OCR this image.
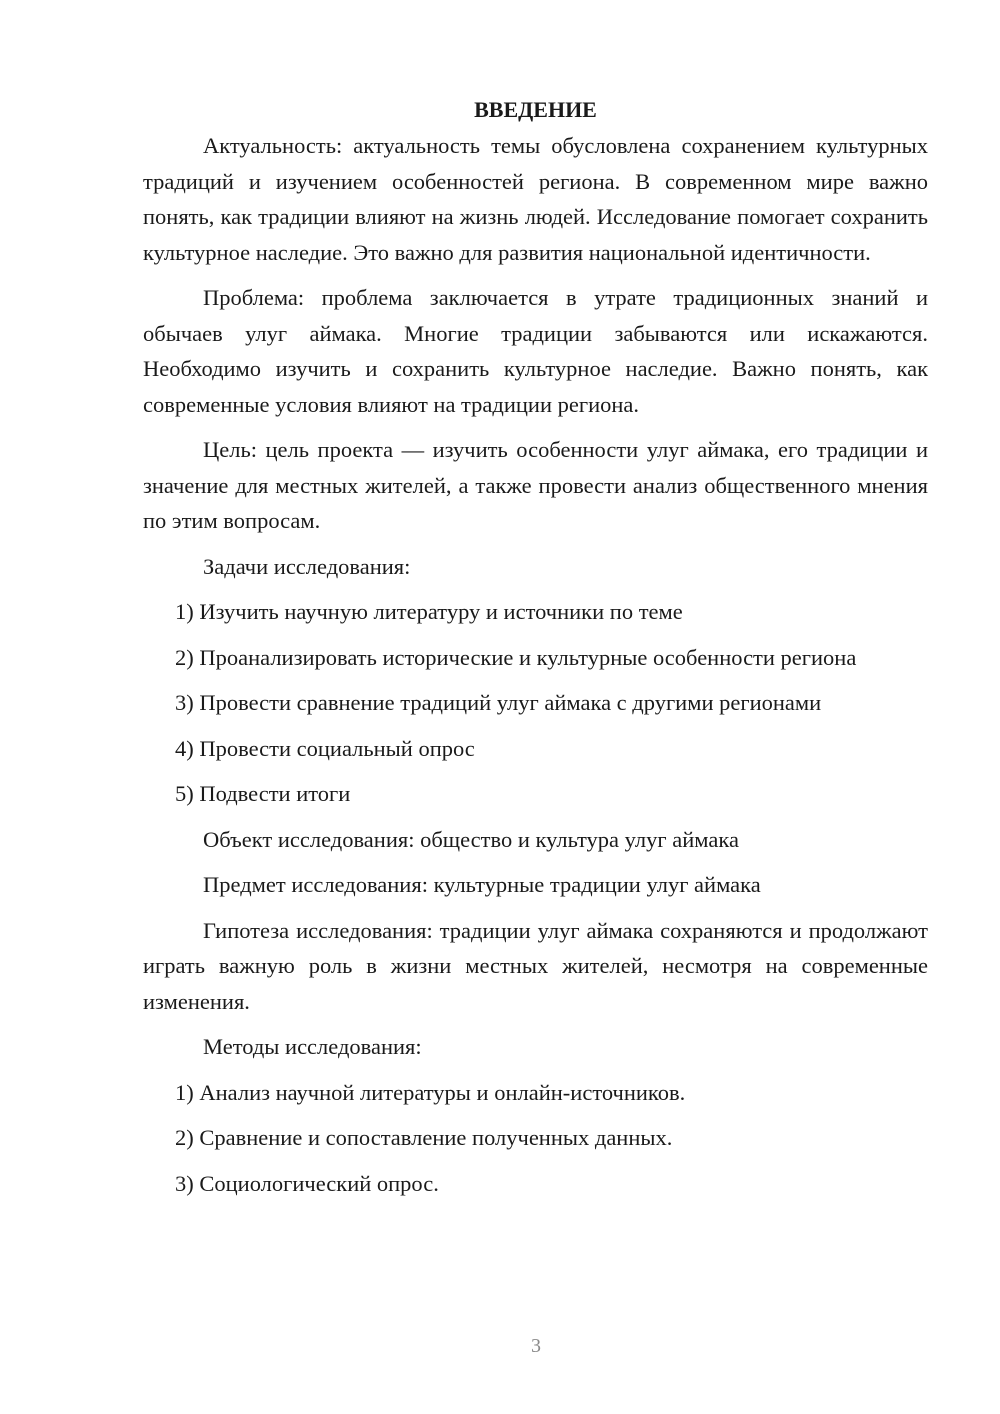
ВВЕДЕНИЕ

Актуальность: актуальность темы обусловлена сохранением культурных традиций и изучением особенностей региона. В современном мире важно понять, как традиции влияют на жизнь людей. Исследование помогает сохранить культурное наследие. Это важно для развития национальной идентичности.

Проблема: проблема заключается в утрате традиционных знаний и обычаев улуг аймака. Многие традиции забываются или искажаются. Необходимо изучить и сохранить культурное наследие. Важно понять, как современные условия влияют на традиции региона.

Цель: цель проекта — изучить особенности улуг аймака, его традиции и значение для местных жителей, а также провести анализ общественного мнения по этим вопросам.

Задачи исследования:

1) Изучить научную литературу и источники по теме

2) Проанализировать исторические и культурные особенности региона

3) Провести сравнение традиций улуг аймака с другими регионами

4) Провести социальный опрос

5) Подвести итоги

Объект исследования: общество и культура улуг аймака

Предмет исследования: культурные традиции улуг аймака

Гипотеза исследования: традиции улуг аймака сохраняются и продолжают играть важную роль в жизни местных жителей, несмотря на современные изменения.

Методы исследования:

1) Анализ научной литературы и онлайн-источников.

2) Сравнение и сопоставление полученных данных.

3) Социологический опрос.

3
